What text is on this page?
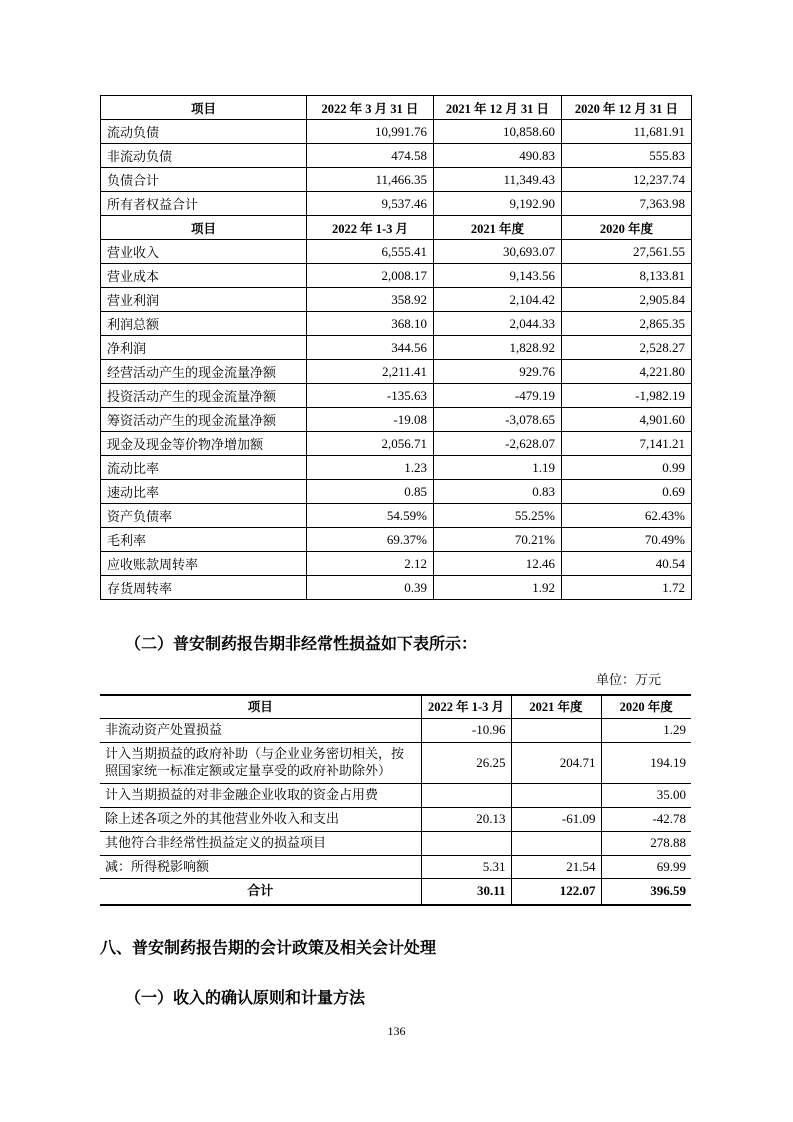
项目	2022 年 3 月 31 日	2021 年 12 月 31 日	2020 年 12 月 31 日
流动负债	10,991.76	10,858.60	11,681.91
非流动负债	474.58	490.83	555.83
负债合计	11,466.35	11,349.43	12,237.74
所有者权益合计	9,537.46	9,192.90	7,363.98
项目	2022 年 1-3 月	2021 年度	2020 年度
营业收入	6,555.41	30,693.07	27,561.55
营业成本	2,008.17	9,143.56	8,133.81
营业利润	358.92	2,104.42	2,905.84
利润总额	368.10	2,044.33	2,865.35
净利润	344.56	1,828.92	2,528.27
经营活动产生的现金流量净额	2,211.41	929.76	4,221.80
投资活动产生的现金流量净额	-135.63	-479.19	-1,982.19
筹资活动产生的现金流量净额	-19.08	-3,078.65	4,901.60
现金及现金等价物净增加额	2,056.71	-2,628.07	7,141.21
流动比率	1.23	1.19	0.99
速动比率	0.85	0.83	0.69
资产负债率	54.59%	55.25%	62.43%
毛利率	69.37%	70.21%	70.49%
应收账款周转率	2.12	12.46	40.54
存货周转率	0.39	1.92	1.72
（二）普安制药报告期非经常性损益如下表所示：
单位：万元
项目	2022 年 1-3 月	2021 年度	2020 年度
非流动资产处置损益	-10.96		1.29
计入当期损益的政府补助（与企业业务密切相关，按照国家统一标准定额或定量享受的政府补助除外）	26.25	204.71	194.19
计入当期损益的对非金融企业收取的资金占用费			35.00
除上述各项之外的其他营业外收入和支出	20.13	-61.09	-42.78
其他符合非经常性损益定义的损益项目			278.88
减：所得税影响额	5.31	21.54	69.99
合计	30.11	122.07	396.59
八、普安制药报告期的会计政策及相关会计处理
（一）收入的确认原则和计量方法
136
